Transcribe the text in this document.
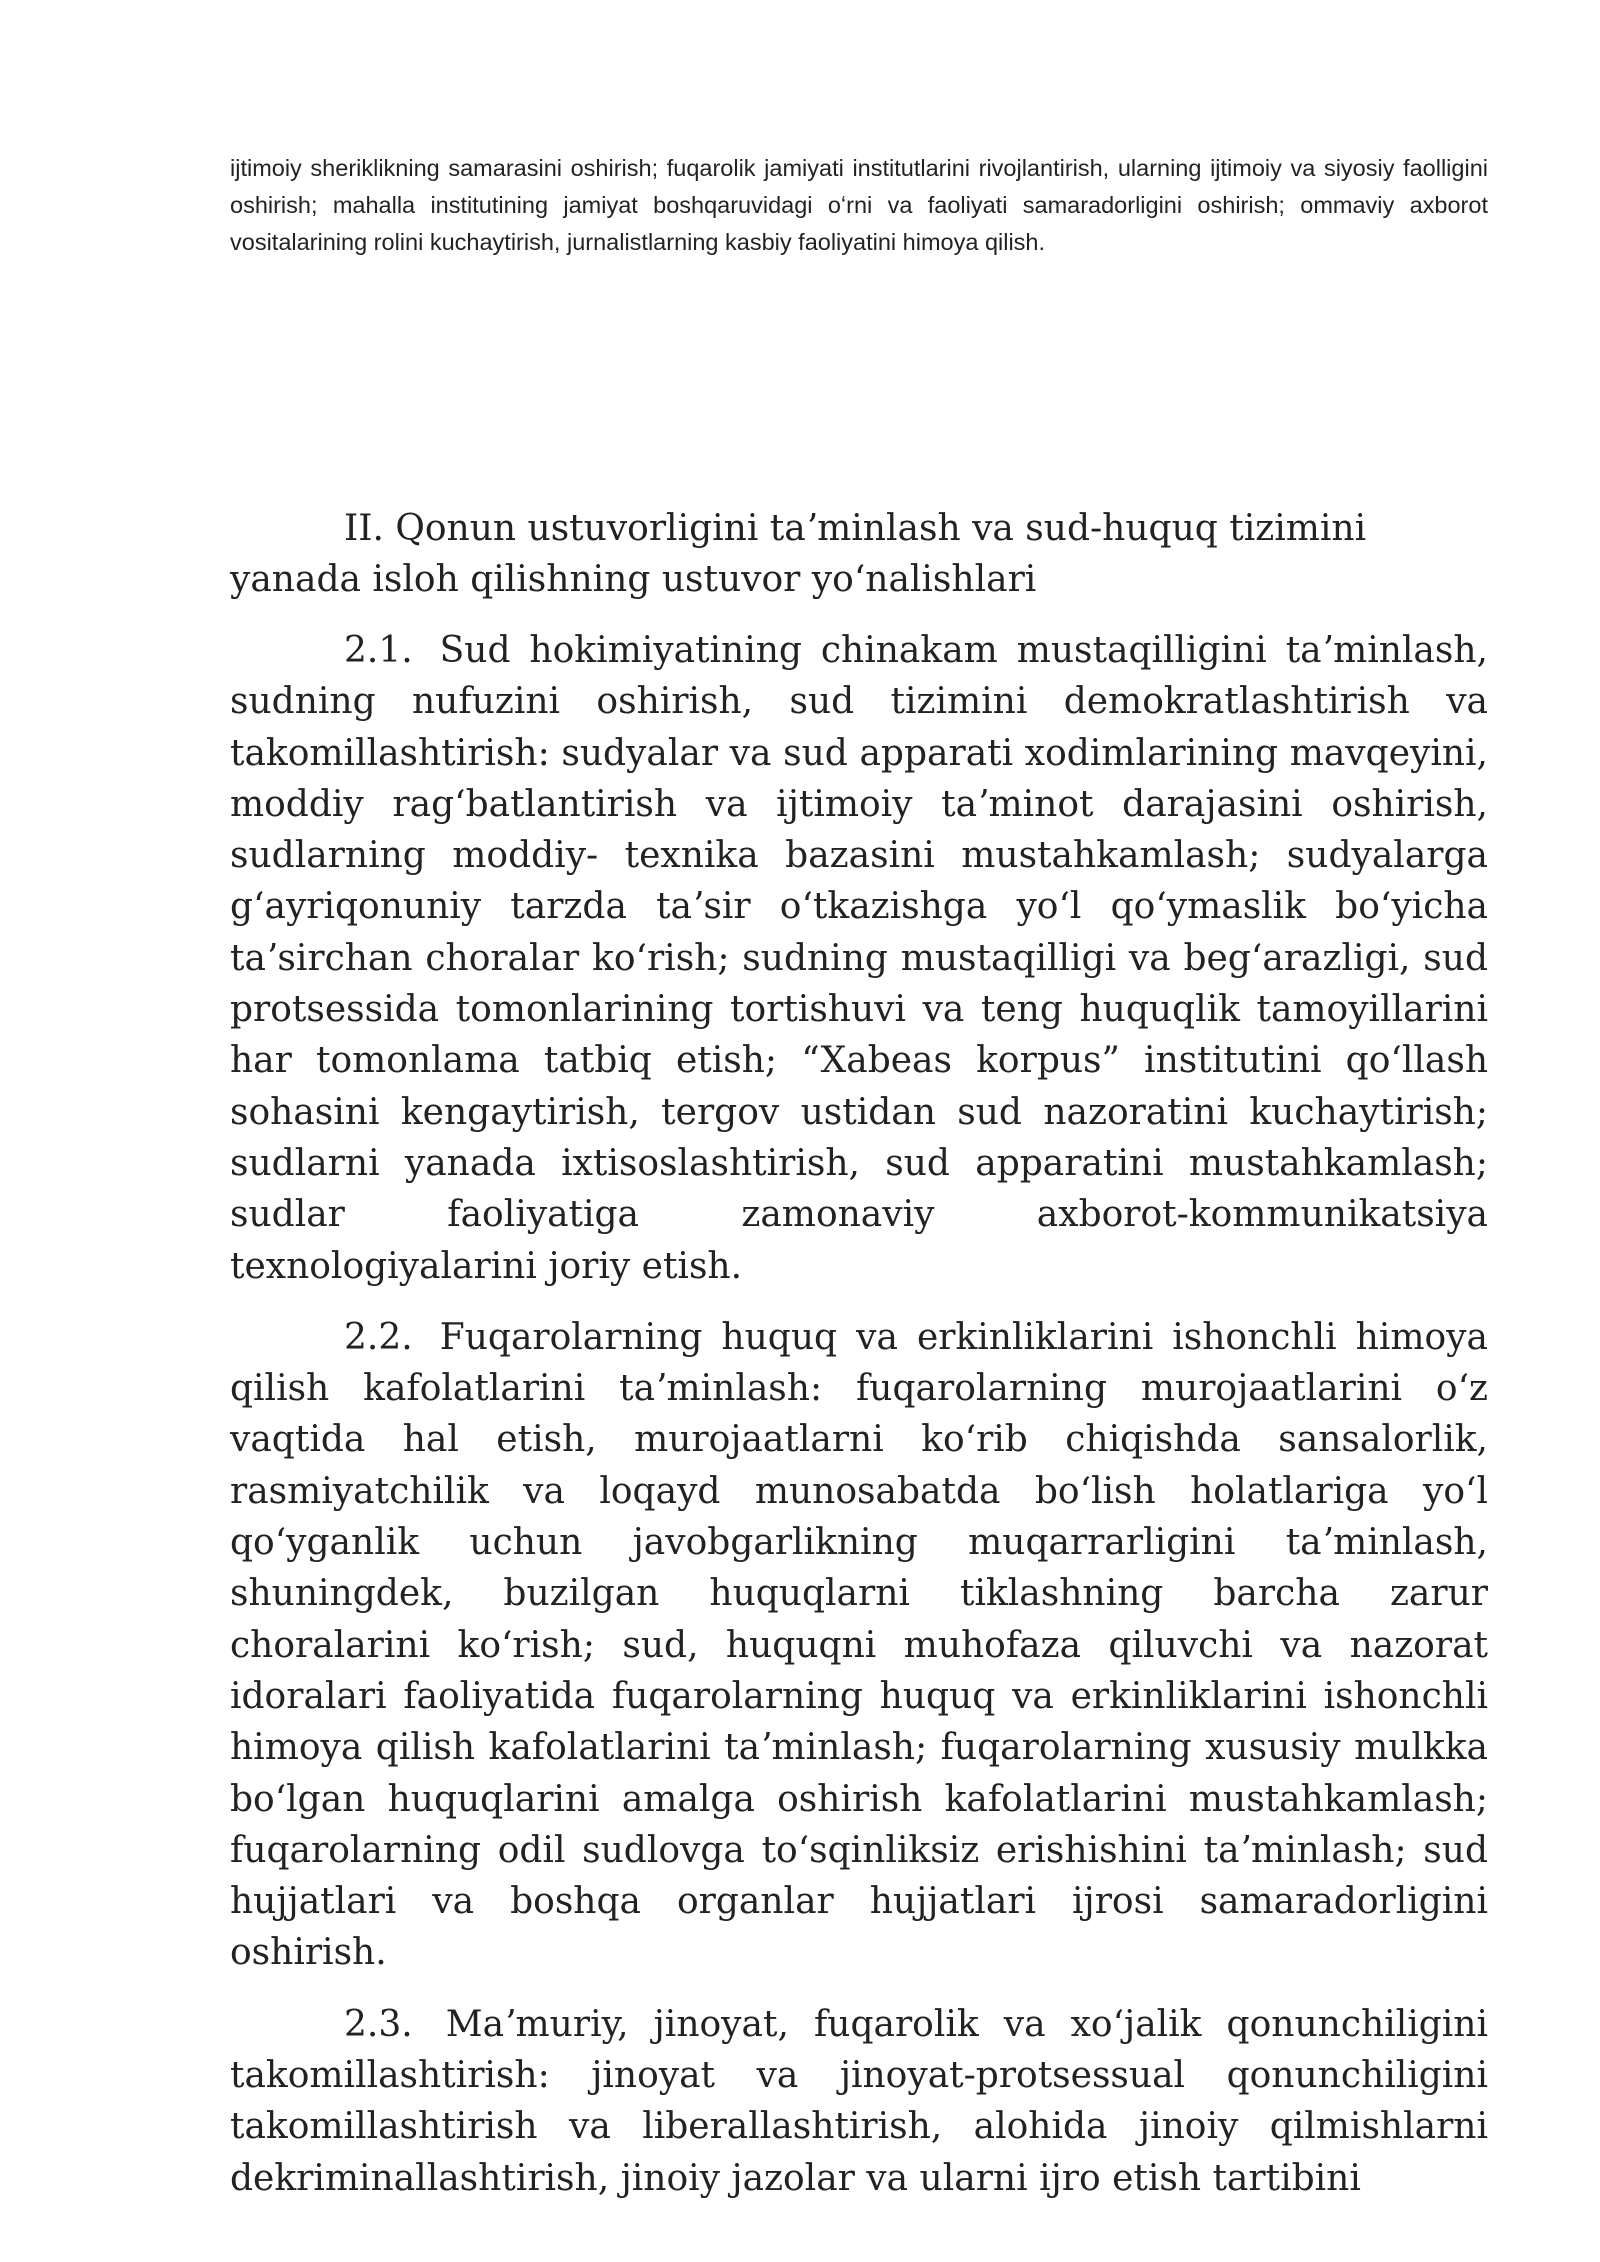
ijtimoiy sheriklikning samarasini oshirish; fuqarolik jamiyati institutlarini rivojlantirish, ularning ijtimoiy va siyosiy faolligini oshirish; mahalla institutining jamiyat boshqaruvidagi oʻrni va faoliyati samaradorligini oshirish; ommaviy axborot vositalarining rolini kuchaytirish, jurnalistlarning kasbiy faoliyatini himoya qilish.

II. Qonun ustuvorligini taʼminlash va sud-huquq tizimini yanada isloh qilishning ustuvor yoʻnalishlari

2.1. Sud hokimiyatining chinakam mustaqilligini taʼminlash, sudning nufuzini oshirish, sud tizimini demokratlashtirish va takomillashtirish: sudyalar va sud apparati xodimlarining mavqeyini, moddiy ragʻbatlantirish va ijtimoiy taʼminot darajasini oshirish, sudlarning moddiy- texnika bazasini mustahkamlash; sudyalarga gʻayriqonuniy tarzda taʼsir oʻtkazishga yoʻl qoʻymaslik boʻyicha taʼsirchan choralar koʻrish; sudning mustaqilligi va begʻarazligi, sud protsessida tomonlarining tortishuvi va teng huquqlik tamoyillarini har tomonlama tatbiq etish; “Xabeas korpus” institutini qoʻllash sohasini kengaytirish, tergov ustidan sud nazoratini kuchaytirish; sudlarni yanada ixtisoslashtirish, sud apparatini mustahkamlash; sudlar faoliyatiga zamonaviy axborot-kommunikatsiya texnologiyalarini joriy etish.

2.2. Fuqarolarning huquq va erkinliklarini ishonchli himoya qilish kafolatlarini taʼminlash: fuqarolarning murojaatlarini oʻz vaqtida hal etish, murojaatlarni koʻrib chiqishda sansalorlik, rasmiyatchilik va loqayd munosabatda boʻlish holatlariga yoʻl qoʻyganlik uchun javobgarlikning muqarrarligini taʼminlash, shuningdek, buzilgan huquqlarni tiklashning barcha zarur choralarini koʻrish; sud, huquqni muhofaza qiluvchi va nazorat idoralari faoliyatida fuqarolarning huquq va erkinliklarini ishonchli himoya qilish kafolatlarini taʼminlash; fuqarolarning xususiy mulkka boʻlgan huquqlarini amalga oshirish kafolatlarini mustahkamlash; fuqarolarning odil sudlovga toʻsqinliksiz erishishini taʼminlash; sud hujjatlari va boshqa organlar hujjatlari ijrosi samaradorligini oshirish.

2.3. Maʼmuriy, jinoyat, fuqarolik va xoʻjalik qonunchiligini takomillashtirish: jinoyat va jinoyat-protsessual qonunchiligini takomillashtirish va liberallashtirish, alohida jinoiy qilmishlarni dekriminallashtirish, jinoiy jazolar va ularni ijro etish tartibini
